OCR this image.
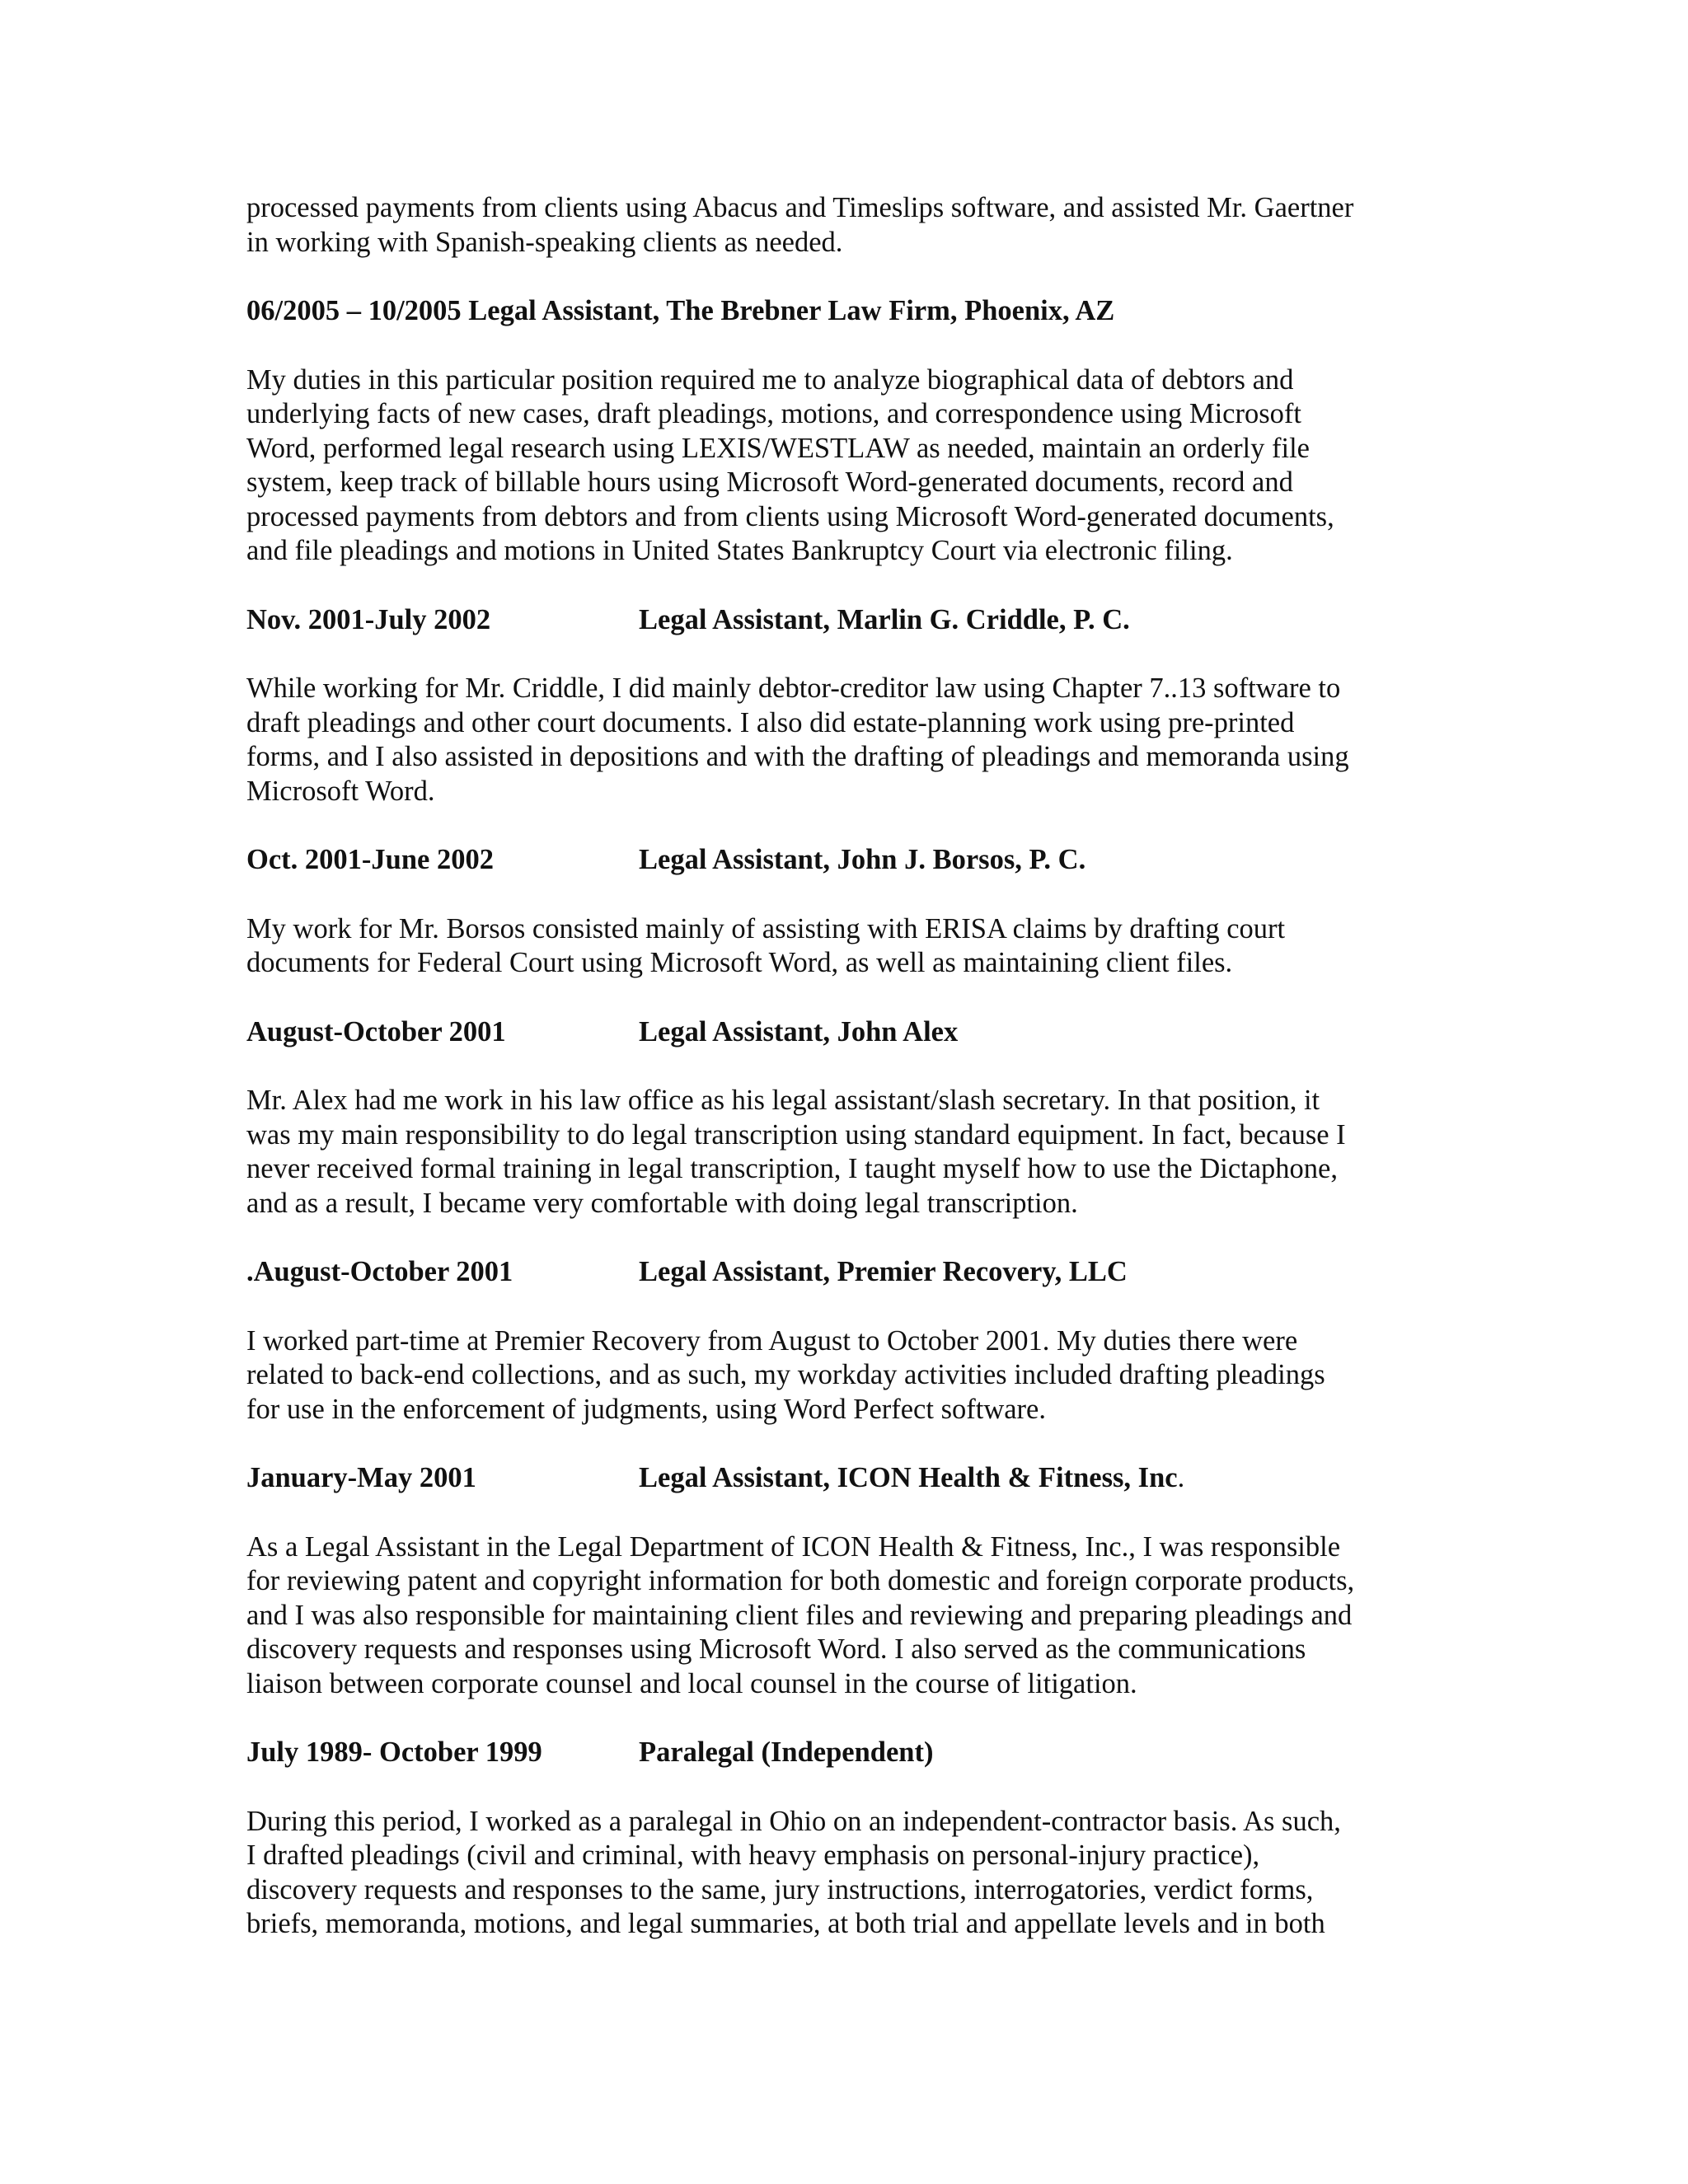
processed payments from clients using Abacus and Timeslips software, and assisted Mr. Gaertner
in working with Spanish-speaking clients as needed.

06/2005 – 10/2005 Legal Assistant, The Brebner Law Firm, Phoenix, AZ

My duties in this particular position required me to analyze biographical data of debtors and
underlying facts of new cases, draft pleadings, motions, and correspondence using Microsoft
Word, performed legal research using LEXIS/WESTLAW as needed, maintain an orderly file
system, keep track of billable hours using Microsoft Word-generated documents, record and
processed payments from debtors and from clients using Microsoft Word-generated documents,
and file pleadings and motions in United States Bankruptcy Court via electronic filing.

Nov. 2001-July 2002	Legal Assistant, Marlin G. Criddle, P. C.

While working for Mr. Criddle, I did mainly debtor-creditor law using Chapter 7..13 software to
draft pleadings and other court documents. I also did estate-planning work using pre-printed
forms, and I also assisted in depositions and with the drafting of pleadings and memoranda using
Microsoft Word.

Oct. 2001-June 2002	Legal Assistant, John J. Borsos, P. C.

My work for Mr. Borsos consisted mainly of assisting with ERISA claims by drafting court
documents for Federal Court using Microsoft Word, as well as maintaining client files.

August-October 2001	Legal Assistant, John Alex

Mr. Alex had me work in his law office as his legal assistant/slash secretary. In that position, it
was my main responsibility to do legal transcription using standard equipment. In fact, because I
never received formal training in legal transcription, I taught myself how to use the Dictaphone,
and as a result, I became very comfortable with doing legal transcription.

.August-October 2001	Legal Assistant, Premier Recovery, LLC

I worked part-time at Premier Recovery from August to October 2001. My duties there were
related to back-end collections, and as such, my workday activities included drafting pleadings
for use in the enforcement of judgments, using Word Perfect software.

January-May 2001	Legal Assistant, ICON Health & Fitness, Inc.

As a Legal Assistant in the Legal Department of ICON Health & Fitness, Inc., I was responsible
for reviewing patent and copyright information for both domestic and foreign corporate products,
and I was also responsible for maintaining client files and reviewing and preparing pleadings and
discovery requests and responses using Microsoft Word. I also served as the communications
liaison between corporate counsel and local counsel in the course of litigation.

July 1989- October 1999	Paralegal (Independent)

During this period, I worked as a paralegal in Ohio on an independent-contractor basis. As such,
I drafted pleadings (civil and criminal, with heavy emphasis on personal-injury practice),
discovery requests and responses to the same, jury instructions, interrogatories, verdict forms,
briefs, memoranda, motions, and legal summaries, at both trial and appellate levels and in both
